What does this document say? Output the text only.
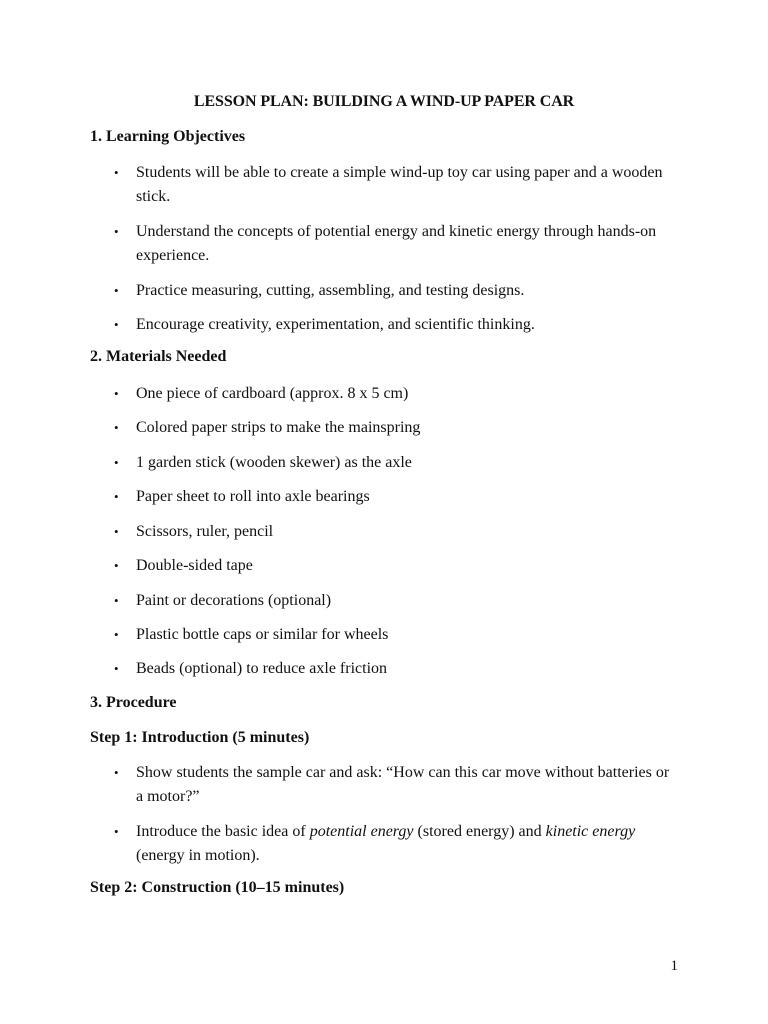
LESSON PLAN: BUILDING A WIND-UP PAPER CAR
1. Learning Objectives
• Students will be able to create a simple wind-up toy car using paper and a wooden stick.
• Understand the concepts of potential energy and kinetic energy through hands-on experience.
• Practice measuring, cutting, assembling, and testing designs.
• Encourage creativity, experimentation, and scientific thinking.
2. Materials Needed
• One piece of cardboard (approx. 8 x 5 cm)
• Colored paper strips to make the mainspring
• 1 garden stick (wooden skewer) as the axle
• Paper sheet to roll into axle bearings
• Scissors, ruler, pencil
• Double-sided tape
• Paint or decorations (optional)
• Plastic bottle caps or similar for wheels
• Beads (optional) to reduce axle friction
3. Procedure
Step 1: Introduction (5 minutes)
• Show students the sample car and ask: “How can this car move without batteries or a motor?”
• Introduce the basic idea of potential energy (stored energy) and kinetic energy (energy in motion).
Step 2: Construction (10–15 minutes)
1
